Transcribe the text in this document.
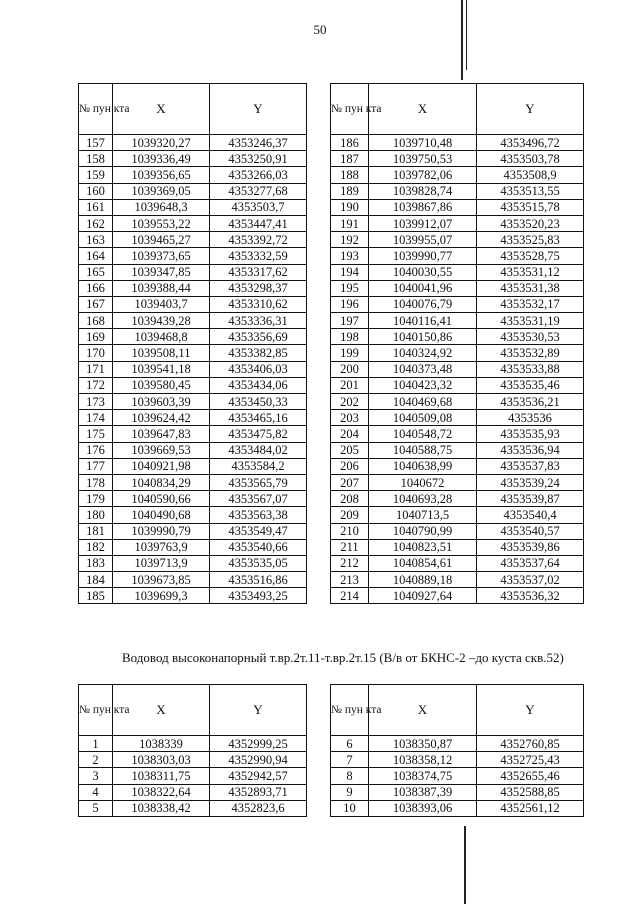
50
№ пун кта	X	Y
157	1039320,27	4353246,37
158	1039336,49	4353250,91
159	1039356,65	4353266,03
160	1039369,05	4353277,68
161	1039648,3	4353503,7
162	1039553,22	4353447,41
163	1039465,27	4353392,72
164	1039373,65	4353332,59
165	1039347,85	4353317,62
166	1039388,44	4353298,37
167	1039403,7	4353310,62
168	1039439,28	4353336,31
169	1039468,8	4353356,69
170	1039508,11	4353382,85
171	1039541,18	4353406,03
172	1039580,45	4353434,06
173	1039603,39	4353450,33
174	1039624,42	4353465,16
175	1039647,83	4353475,82
176	1039669,53	4353484,02
177	1040921,98	4353584,2
178	1040834,29	4353565,79
179	1040590,66	4353567,07
180	1040490,68	4353563,38
181	1039990,79	4353549,47
182	1039763,9	4353540,66
183	1039713,9	4353535,05
184	1039673,85	4353516,86
185	1039699,3	4353493,25
№ пун кта	X	Y
186	1039710,48	4353496,72
187	1039750,53	4353503,78
188	1039782,06	4353508,9
189	1039828,74	4353513,55
190	1039867,86	4353515,78
191	1039912,07	4353520,23
192	1039955,07	4353525,83
193	1039990,77	4353528,75
194	1040030,55	4353531,12
195	1040041,96	4353531,38
196	1040076,79	4353532,17
197	1040116,41	4353531,19
198	1040150,86	4353530,53
199	1040324,92	4353532,89
200	1040373,48	4353533,88
201	1040423,32	4353535,46
202	1040469,68	4353536,21
203	1040509,08	4353536
204	1040548,72	4353535,93
205	1040588,75	4353536,94
206	1040638,99	4353537,83
207	1040672	4353539,24
208	1040693,28	4353539,87
209	1040713,5	4353540,4
210	1040790,99	4353540,57
211	1040823,51	4353539,86
212	1040854,61	4353537,64
213	1040889,18	4353537,02
214	1040927,64	4353536,32
Водовод высоконапорный т.вр.2т.11-т.вр.2т.15 (В/в от БКНС-2 –до куста скв.52)
№ пун кта	X	Y
1	1038339	4352999,25
2	1038303,03	4352990,94
3	1038311,75	4352942,57
4	1038322,64	4352893,71
5	1038338,42	4352823,6
№ пун кта	X	Y
6	1038350,87	4352760,85
7	1038358,12	4352725,43
8	1038374,75	4352655,46
9	1038387,39	4352588,85
10	1038393,06	4352561,12
